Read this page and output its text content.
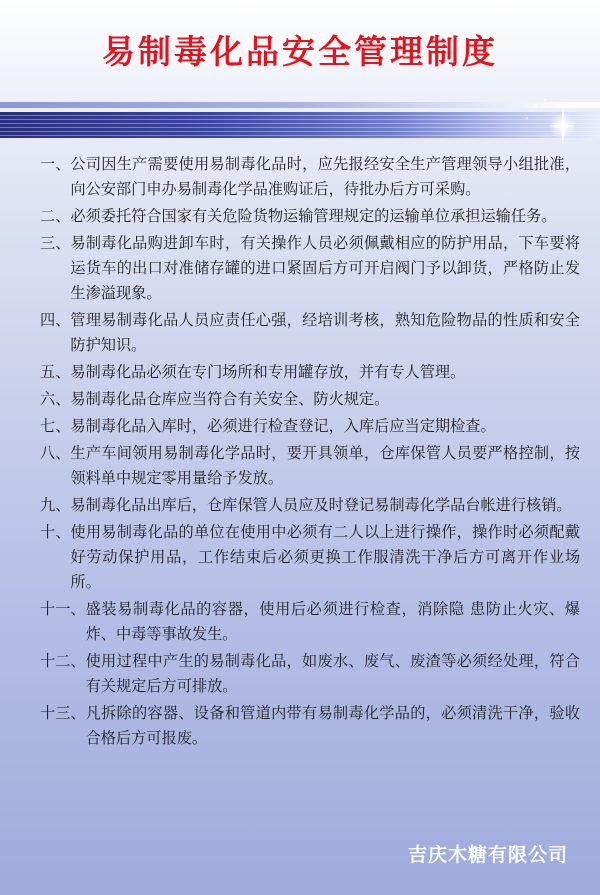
易制毒化品安全管理制度
一、 公司因生产需要使用易制毒化品时，应先报经安全生产管理领导小组批准，向公安部门申办易制毒化学品准购证后，待批办后方可采购。
二、 必须委托符合国家有关危险货物运输管理规定的运输单位承担运输任务。
三、 易制毒化品购进卸车时，有关操作人员必须佩戴相应的防护用品，下车要将运货车的出口对准储存罐的进口紧固后方可开启阀门予以卸货，严格防止发生渗溢现象。
四、 管理易制毒化品人员应责任心强，经培训考核，熟知危险物品的性质和安全防护知识。
五、 易制毒化品必须在专门场所和专用罐存放，并有专人管理。
六、 易制毒化品仓库应当符合有关安全、防火规定。
七、 易制毒化品入库时，必须进行检查登记，入库后应当定期检查。
八、 生产车间领用易制毒化学品时，要开具领单，仓库保管人员要严格控制，按领料单中规定零用量给予发放。
九、 易制毒化品出库后，仓库保管人员应及时登记易制毒化学品台帐进行核销。
十、 使用易制毒化品的单位在使用中必须有二人以上进行操作，操作时必须配戴好劳动保护用品，工作结束后必须更换工作服清洗干净后方可离开作业场所。
十一、 盛装易制毒化品的容器，使用后必须进行检查，消除隐 患防止火灾、爆炸、中毒等事故发生。
十二、 使用过程中产生的易制毒化品，如废水、废气、废渣等必须经处理，符合有关规定后方可排放。
十三、 凡拆除的容器、设备和管道内带有易制毒化学品的，必须清洗干净，验收合格后方可报废。
吉庆木糖有限公司
